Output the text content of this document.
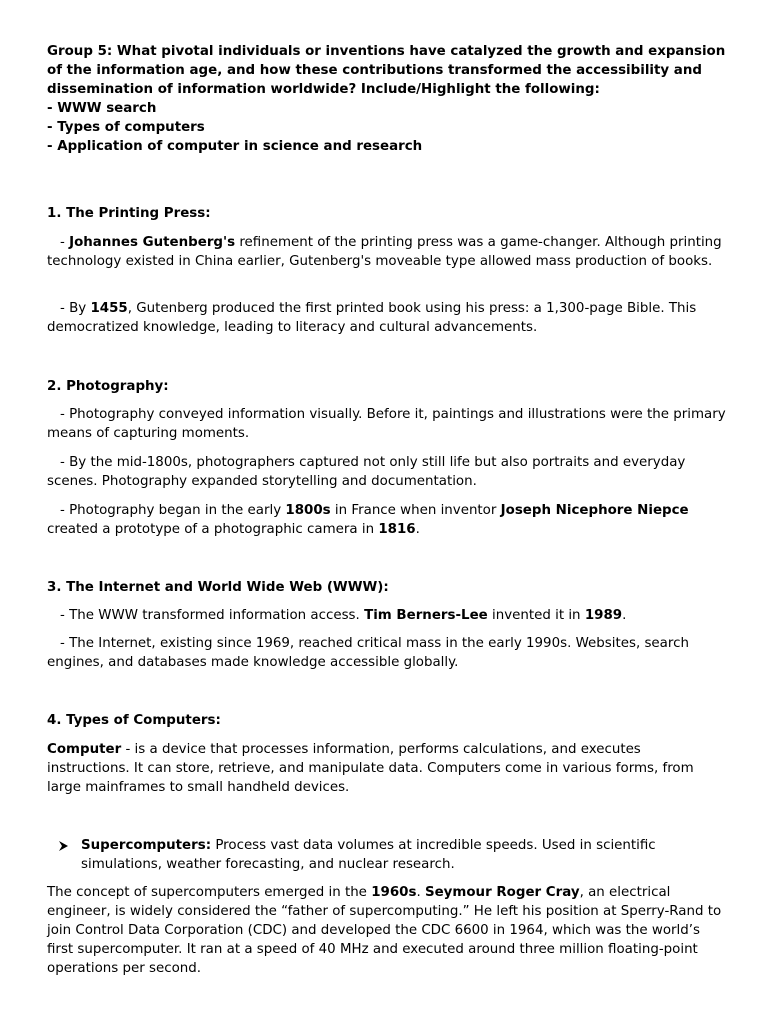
Group 5: What pivotal individuals or inventions have catalyzed the growth and expansion of the information age, and how these contributions transformed the accessibility and dissemination of information worldwide? Include/Highlight the following:
- WWW search
- Types of computers
- Application of computer in science and research
1. The Printing Press:
- Johannes Gutenberg's refinement of the printing press was a game-changer. Although printing technology existed in China earlier, Gutenberg's moveable type allowed mass production of books.
- By 1455, Gutenberg produced the first printed book using his press: a 1,300-page Bible. This democratized knowledge, leading to literacy and cultural advancements.
2. Photography:
- Photography conveyed information visually. Before it, paintings and illustrations were the primary means of capturing moments.
- By the mid-1800s, photographers captured not only still life but also portraits and everyday scenes. Photography expanded storytelling and documentation.
- Photography began in the early 1800s in France when inventor Joseph Nicephore Niepce created a prototype of a photographic camera in 1816.
3. The Internet and World Wide Web (WWW):
- The WWW transformed information access. Tim Berners-Lee invented it in 1989.
- The Internet, existing since 1969, reached critical mass in the early 1990s. Websites, search engines, and databases made knowledge accessible globally.
4. Types of Computers:
Computer - is a device that processes information, performs calculations, and executes instructions. It can store, retrieve, and manipulate data. Computers come in various forms, from large mainframes to small handheld devices.
Supercomputers: Process vast data volumes at incredible speeds. Used in scientific simulations, weather forecasting, and nuclear research.
The concept of supercomputers emerged in the 1960s. Seymour Roger Cray, an electrical engineer, is widely considered the “father of supercomputing.” He left his position at Sperry-Rand to join Control Data Corporation (CDC) and developed the CDC 6600 in 1964, which was the world’s first supercomputer. It ran at a speed of 40 MHz and executed around three million floating-point operations per second.
